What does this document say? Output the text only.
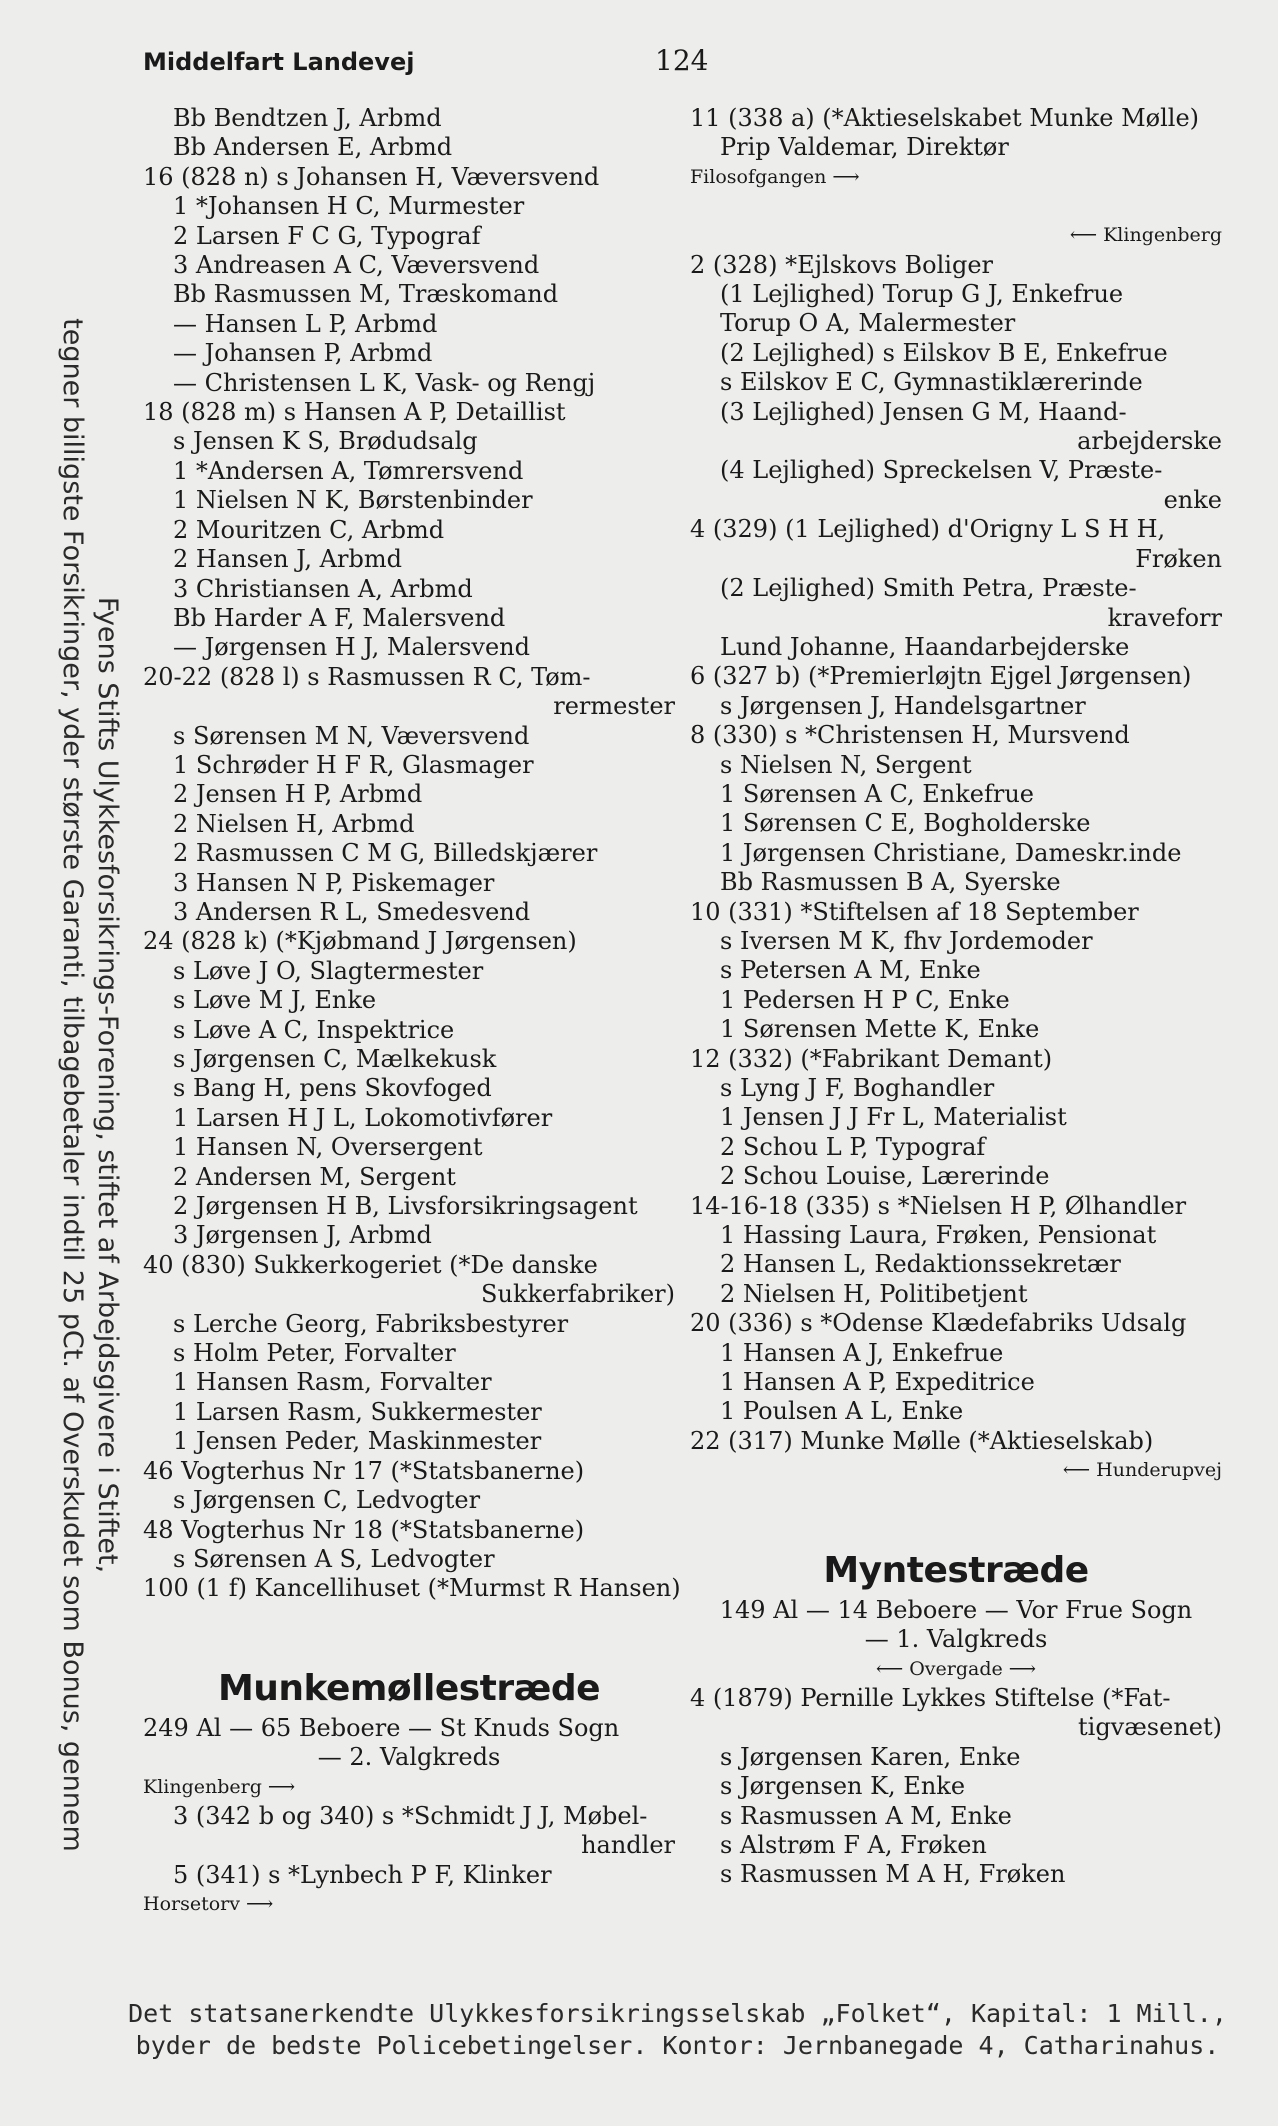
Fyens Stifts Ulykkesforsikrings-Forening, stiftet af Arbejdsgivere i Stiftet,
tegner billigste Forsikringer, yder største Garanti, tilbagebetaler indtil 25 pCt. af Overskudet som Bonus, gennem
Middelfart Landevej	124
Bb Bendtzen J, Arbmd
Bb Andersen E, Arbmd
16 (828 n) s Johansen H, Væversvend
1 *Johansen H C, Murmester
2 Larsen F C G, Typograf
3 Andreasen A C, Væversvend
Bb Rasmussen M, Træskomand
— Hansen L P, Arbmd
— Johansen P, Arbmd
— Christensen L K, Vask- og Rengj
18 (828 m) s Hansen A P, Detaillist
s Jensen K S, Brødudsalg
1 *Andersen A, Tømrersvend
1 Nielsen N K, Børstenbinder
2 Mouritzen C, Arbmd
2 Hansen J, Arbmd
3 Christiansen A, Arbmd
Bb Harder A F, Malersvend
— Jørgensen H J, Malersvend
20-22 (828 l) s Rasmussen R C, Tøm-
rermester
s Sørensen M N, Væversvend
1 Schrøder H F R, Glasmager
2 Jensen H P, Arbmd
2 Nielsen H, Arbmd
2 Rasmussen C M G, Billedskjærer
3 Hansen N P, Piskemager
3 Andersen R L, Smedesvend
24 (828 k) (*Kjøbmand J Jørgensen)
s Løve J O, Slagtermester
s Løve M J, Enke
s Løve A C, Inspektrice
s Jørgensen C, Mælkekusk
s Bang H, pens Skovfoged
1 Larsen H J L, Lokomotivfører
1 Hansen N, Oversergent
2 Andersen M, Sergent
2 Jørgensen H B, Livsforsikringsagent
3 Jørgensen J, Arbmd
40 (830) Sukkerkogeriet (*De danske
Sukkerfabriker)
s Lerche Georg, Fabriksbestyrer
s Holm Peter, Forvalter
1 Hansen Rasm, Forvalter
1 Larsen Rasm, Sukkermester
1 Jensen Peder, Maskinmester
46 Vogterhus Nr 17 (*Statsbanerne)
s Jørgensen C, Ledvogter
48 Vogterhus Nr 18 (*Statsbanerne)
s Sørensen A S, Ledvogter
100 (1 f) Kancellihuset (*Murmst R Hansen)
Munkemøllestræde
249 Al — 65 Beboere — St Knuds Sogn
— 2. Valgkreds
Klingenberg ⟶
3 (342 b og 340) s *Schmidt J J, Møbel-
handler
5 (341) s *Lynbech P F, Klinker
Horsetorv ⟶
11 (338 a) (*Aktieselskabet Munke Mølle)
Prip Valdemar, Direktør
Filosofgangen ⟶
⟵ Klingenberg
2 (328) *Ejlskovs Boliger
(1 Lejlighed) Torup G J, Enkefrue
Torup O A, Malermester
(2 Lejlighed) s Eilskov B E, Enkefrue
s Eilskov E C, Gymnastiklærerinde
(3 Lejlighed) Jensen G M, Haand-
arbejderske
(4 Lejlighed) Spreckelsen V, Præste-
enke
4 (329) (1 Lejlighed) d'Origny L S H H,
Frøken
(2 Lejlighed) Smith Petra, Præste-
kraveforr
Lund Johanne, Haandarbejderske
6 (327 b) (*Premierløjtn Ejgel Jørgensen)
s Jørgensen J, Handelsgartner
8 (330) s *Christensen H, Mursvend
s Nielsen N, Sergent
1 Sørensen A C, Enkefrue
1 Sørensen C E, Bogholderske
1 Jørgensen Christiane, Dameskr.inde
Bb Rasmussen B A, Syerske
10 (331) *Stiftelsen af 18 September
s Iversen M K, fhv Jordemoder
s Petersen A M, Enke
1 Pedersen H P C, Enke
1 Sørensen Mette K, Enke
12 (332) (*Fabrikant Demant)
s Lyng J F, Boghandler
1 Jensen J J Fr L, Materialist
2 Schou L P, Typograf
2 Schou Louise, Lærerinde
14-16-18 (335) s *Nielsen H P, Ølhandler
1 Hassing Laura, Frøken, Pensionat
2 Hansen L, Redaktionssekretær
2 Nielsen H, Politibetjent
20 (336) s *Odense Klædefabriks Udsalg
1 Hansen A J, Enkefrue
1 Hansen A P, Expeditrice
1 Poulsen A L, Enke
22 (317) Munke Mølle (*Aktieselskab)
⟵ Hunderupvej
Myntestræde
149 Al — 14 Beboere — Vor Frue Sogn
— 1. Valgkreds
⟵ Overgade ⟶
4 (1879) Pernille Lykkes Stiftelse (*Fat-
tigvæsenet)
s Jørgensen Karen, Enke
s Jørgensen K, Enke
s Rasmussen A M, Enke
s Alstrøm F A, Frøken
s Rasmussen M A H, Frøken
Det statsanerkendte Ulykkesforsikringsselskab „Folket“, Kapital: 1 Mill.,
byder de bedste Policebetingelser. Kontor: Jernbanegade 4, Catharinahus.
